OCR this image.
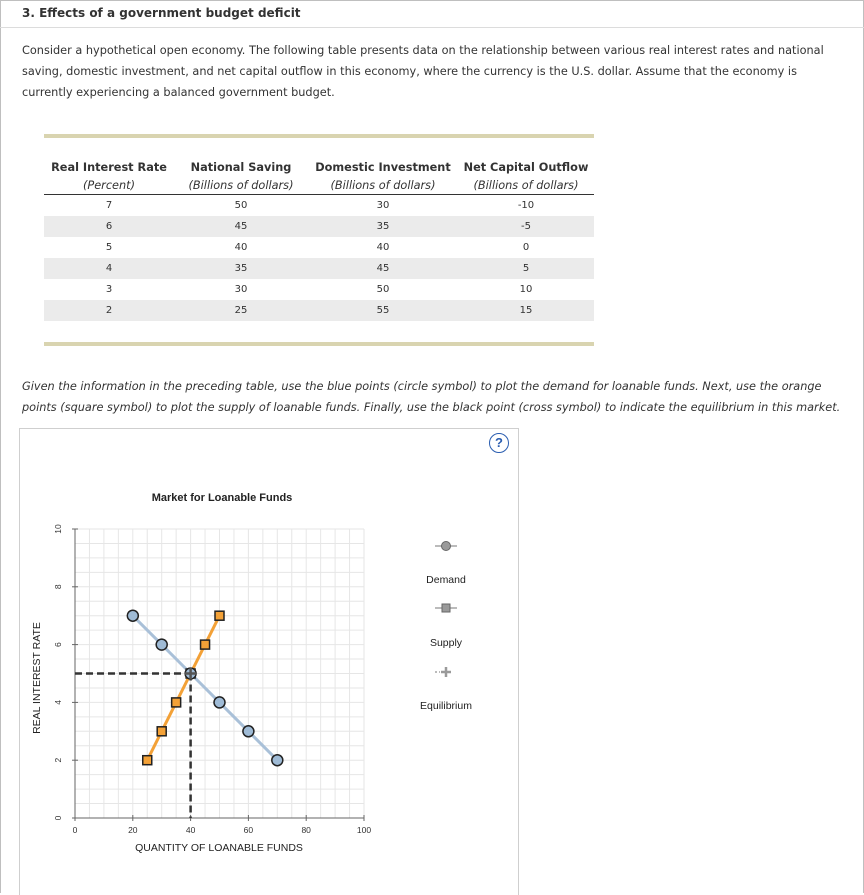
3. Effects of a government budget deficit
Consider a hypothetical open economy. The following table presents data on the relationship between various real interest rates and national saving, domestic investment, and net capital outflow in this economy, where the currency is the U.S. dollar. Assume that the economy is currently experiencing a balanced government budget.

Real Interest Rate	National Saving	Domestic Investment	Net Capital Outflow
(Percent)	(Billions of dollars)	(Billions of dollars)	(Billions of dollars)
7	50	30	-10
6	45	35	-5
5	40	40	0
4	35	45	5
3	30	50	10
2	25	55	15

Given the information in the preceding table, use the blue points (circle symbol) to plot the demand for loanable funds. Next, use the orange points (square symbol) to plot the supply of loanable funds. Finally, use the black point (cross symbol) to indicate the equilibrium in this market.
?
Market for Loanable Funds
0	20	40	60	80	100
0
2
4
6
8
10
QUANTITY OF LOANABLE FUNDS
REAL INTEREST RATE
Demand
Supply
Equilibrium
